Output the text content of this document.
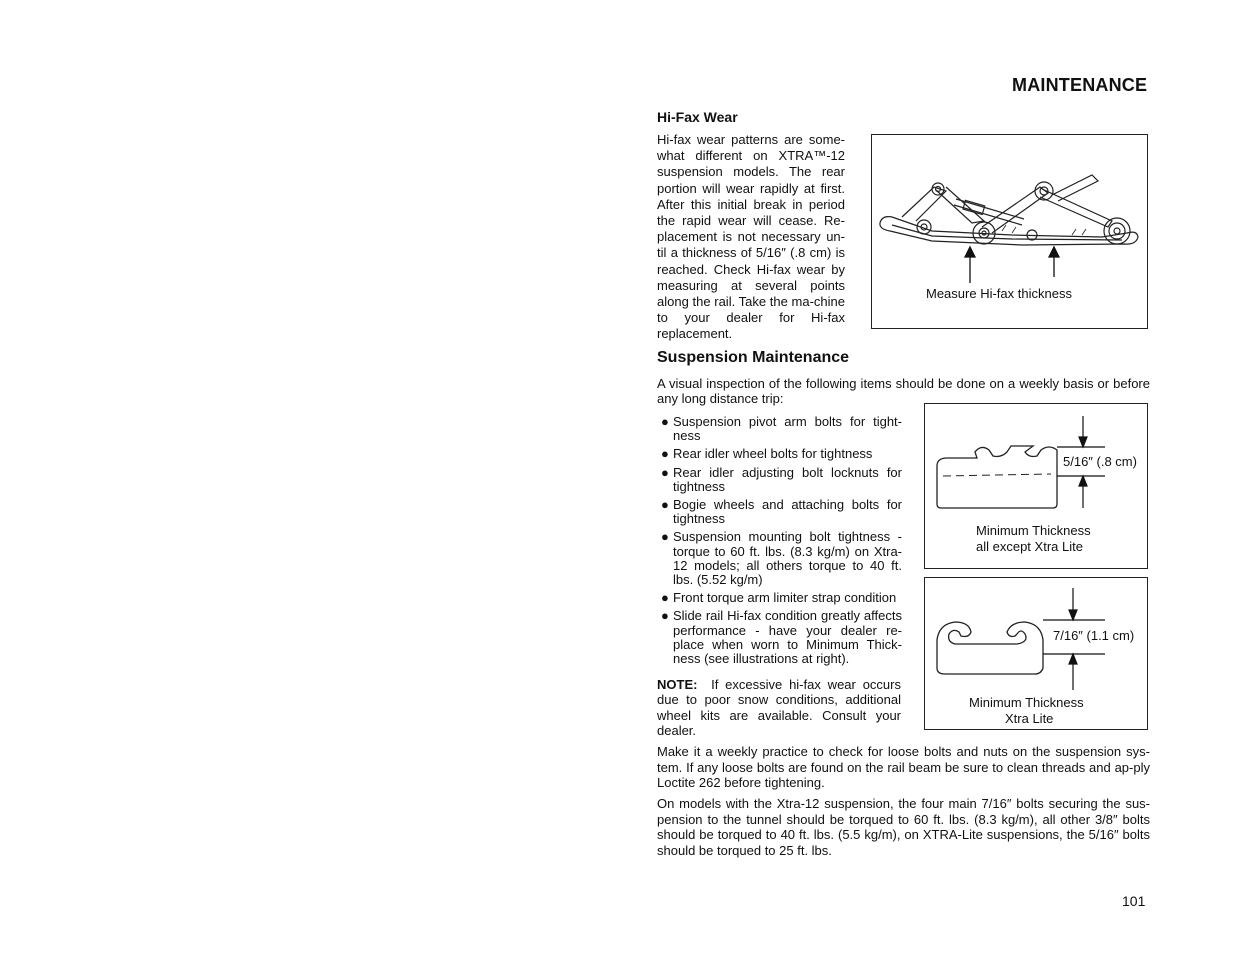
MAINTENANCE
Hi-Fax Wear
Hi-fax wear patterns are some-what different on XTRA™-12 suspension models. The rear portion will wear rapidly at first. After this initial break in period the rapid wear will cease. Re-placement is not necessary un-til a thickness of 5/16″ (.8 cm) is reached. Check Hi-fax wear by measuring at several points along the rail. Take the ma-chine to your dealer for Hi-fax replacement.
Measure Hi-fax thickness
Suspension Maintenance
A visual inspection of the following items should be done on a weekly basis or before any long distance trip:
● Suspension pivot arm bolts for tight-ness
● Rear idler wheel bolts for tightness
● Rear idler adjusting bolt locknuts for tightness
● Bogie wheels and attaching bolts for tightness
● Suspension mounting bolt tightness - torque to 60 ft. lbs. (8.3 kg/m) on Xtra-12 models; all others torque to 40 ft. lbs. (5.52 kg/m)
● Front torque arm limiter strap condition
● Slide rail Hi-fax condition greatly affects performance - have your dealer re-place when worn to Minimum Thick-ness (see illustrations at right).
NOTE: If excessive hi-fax wear occurs due to poor snow conditions, additional wheel kits are available. Consult your dealer.
5/16″ (.8 cm)
Minimum Thickness
all except Xtra Lite
7/16″ (1.1 cm)
Minimum Thickness
Xtra Lite
Make it a weekly practice to check for loose bolts and nuts on the suspension sys-tem. If any loose bolts are found on the rail beam be sure to clean threads and ap-ply Loctite 262 before tightening.
On models with the Xtra-12 suspension, the four main 7/16″ bolts securing the sus-pension to the tunnel should be torqued to 60 ft. lbs. (8.3 kg/m), all other 3/8″ bolts should be torqued to 40 ft. lbs. (5.5 kg/m), on XTRA-Lite suspensions, the 5/16″ bolts should be torqued to 25 ft. lbs.
101
